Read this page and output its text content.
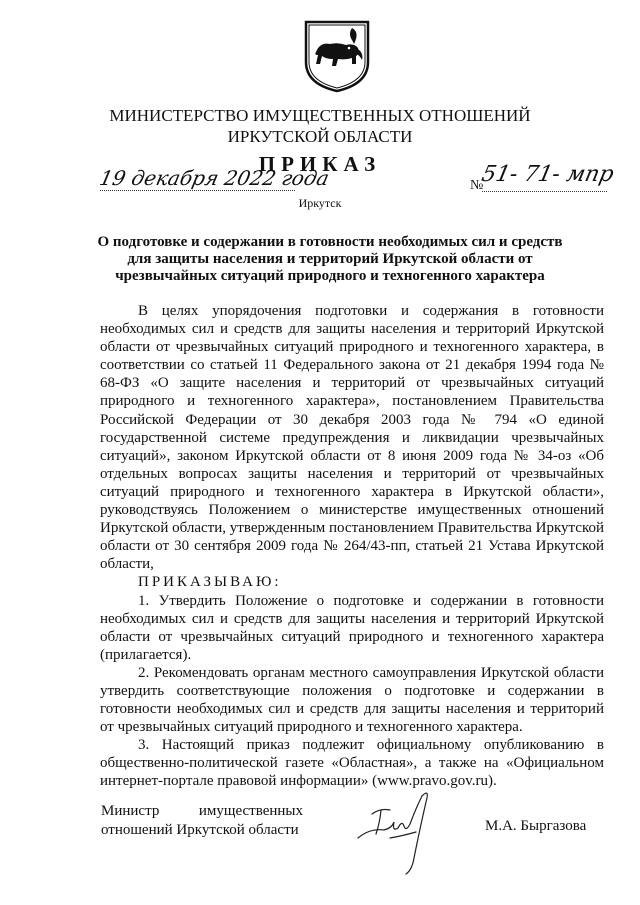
МИНИСТЕРСТВО ИМУЩЕСТВЕННЫХ ОТНОШЕНИЙ
ИРКУТСКОЙ ОБЛАСТИ
ПРИКАЗ
19 декабря 2022 года	№
51- 71- мпр
Иркутск
О подготовке и содержании в готовности необходимых сил и средств для защиты населения и территорий Иркутской области от чрезвычайных ситуаций природного и техногенного характера

В целях упорядочения подготовки и содержания в готовности необходимых сил и средств для защиты населения и территорий Иркутской области от чрезвычайных ситуаций природного и техногенного характера, в соответствии со статьей 11 Федерального закона от 21 декабря 1994 года № 68-ФЗ «О защите населения и территорий от чрезвычайных ситуаций природного и техногенного характера», постановлением Правительства Российской Федерации от 30 декабря 2003 года № 794 «О единой государственной системе предупреждения и ликвидации чрезвычайных ситуаций», законом Иркутской области от 8 июня 2009 года № 34-оз «Об отдельных вопросах защиты населения и территорий от чрезвычайных ситуаций природного и техногенного характера в Иркутской области», руководствуясь Положением о министерстве имущественных отношений Иркутской области, утвержденным постановлением Правительства Иркутской области от 30 сентября 2009 года № 264/43-пп, статьей 21 Устава Иркутской области,

ПРИКАЗЫВАЮ:

1. Утвердить Положение о подготовке и содержании в готовности необходимых сил и средств для защиты населения и территорий Иркутской области от чрезвычайных ситуаций природного и техногенного характера (прилагается).

2. Рекомендовать органам местного самоуправления Иркутской области утвердить соответствующие положения о подготовке и содержании в готовности необходимых сил и средств для защиты населения и территорий от чрезвычайных ситуаций природного и техногенного характера.

3. Настоящий приказ подлежит официальному опубликованию в общественно-политической газете «Областная», а также на «Официальном интернет-портале правовой информации» (www.pravo.gov.ru).

Министр	имущественных
отношений Иркутской области	М.А. Быргазова
